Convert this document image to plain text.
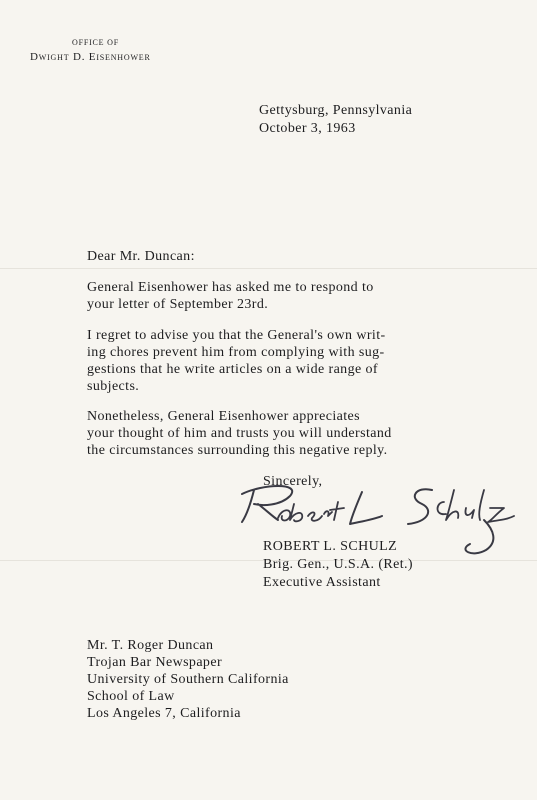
OFFICE OF
Dwight D. Eisenhower
Gettysburg, Pennsylvania
October 3, 1963
Dear Mr. Duncan:
General Eisenhower has asked me to respond to
your letter of September 23rd.
I regret to advise you that the General's own writ-
ing chores prevent him from complying with sug-
gestions that he write articles on a wide range of
subjects.
Nonetheless, General Eisenhower appreciates
your thought of him and trusts you will understand
the circumstances surrounding this negative reply.
Sincerely,
ROBERT L. SCHULZ
Brig. Gen., U.S.A. (Ret.)
Executive Assistant
Mr. T. Roger Duncan
Trojan Bar Newspaper
University of Southern California
School of Law
Los Angeles 7, California
